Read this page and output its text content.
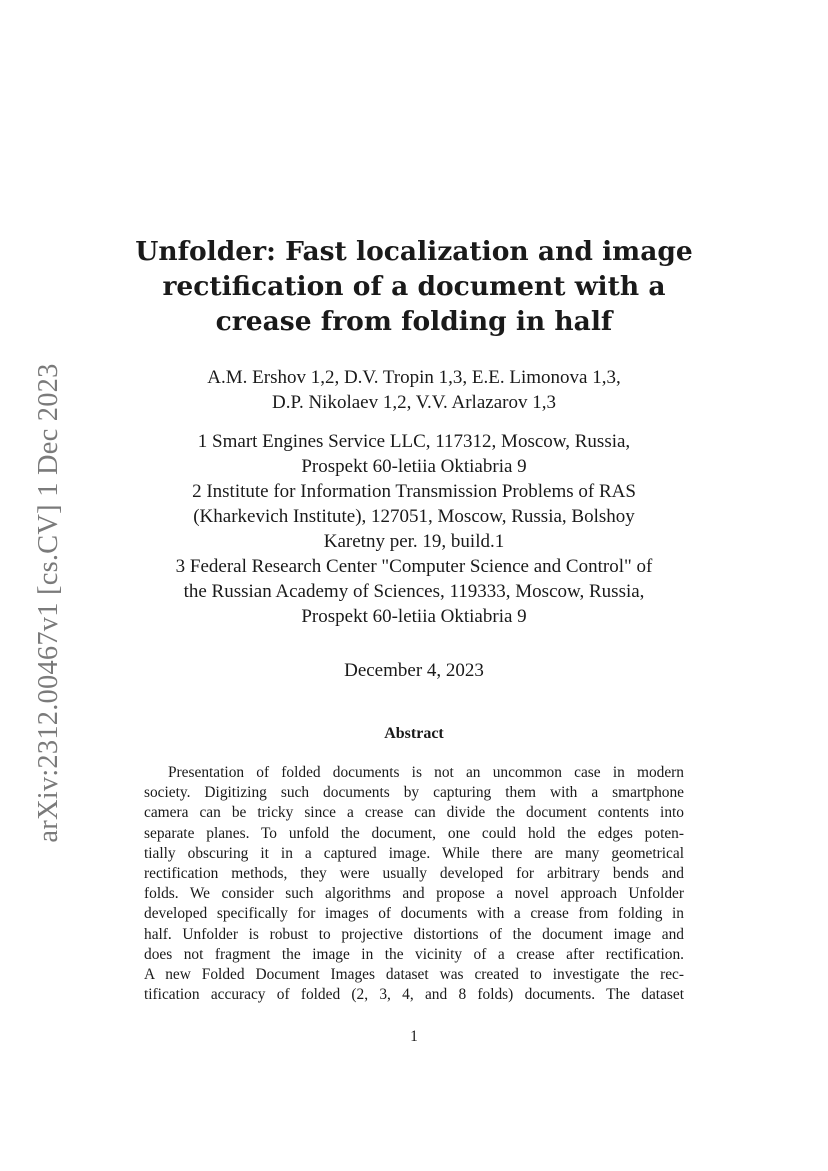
arXiv:2312.00467v1 [cs.CV] 1 Dec 2023
Unfolder: Fast localization and image
rectification of a document with a
crease from folding in half
A.M. Ershov 1,2, D.V. Tropin 1,3, E.E. Limonova 1,3,
D.P. Nikolaev 1,2, V.V. Arlazarov 1,3
1 Smart Engines Service LLC, 117312, Moscow, Russia,
Prospekt 60-letiia Oktiabria 9
2 Institute for Information Transmission Problems of RAS
(Kharkevich Institute), 127051, Moscow, Russia, Bolshoy
Karetny per. 19, build.1
3 Federal Research Center "Computer Science and Control" of
the Russian Academy of Sciences, 119333, Moscow, Russia,
Prospekt 60-letiia Oktiabria 9
December 4, 2023
Abstract
Presentation of folded documents is not an uncommon case in modern
society. Digitizing such documents by capturing them with a smartphone
camera can be tricky since a crease can divide the document contents into
separate planes. To unfold the document, one could hold the edges poten-
tially obscuring it in a captured image. While there are many geometrical
rectification methods, they were usually developed for arbitrary bends and
folds. We consider such algorithms and propose a novel approach Unfolder
developed specifically for images of documents with a crease from folding in
half. Unfolder is robust to projective distortions of the document image and
does not fragment the image in the vicinity of a crease after rectification.
A new Folded Document Images dataset was created to investigate the rec-
tification accuracy of folded (2, 3, 4, and 8 folds) documents. The dataset
1
